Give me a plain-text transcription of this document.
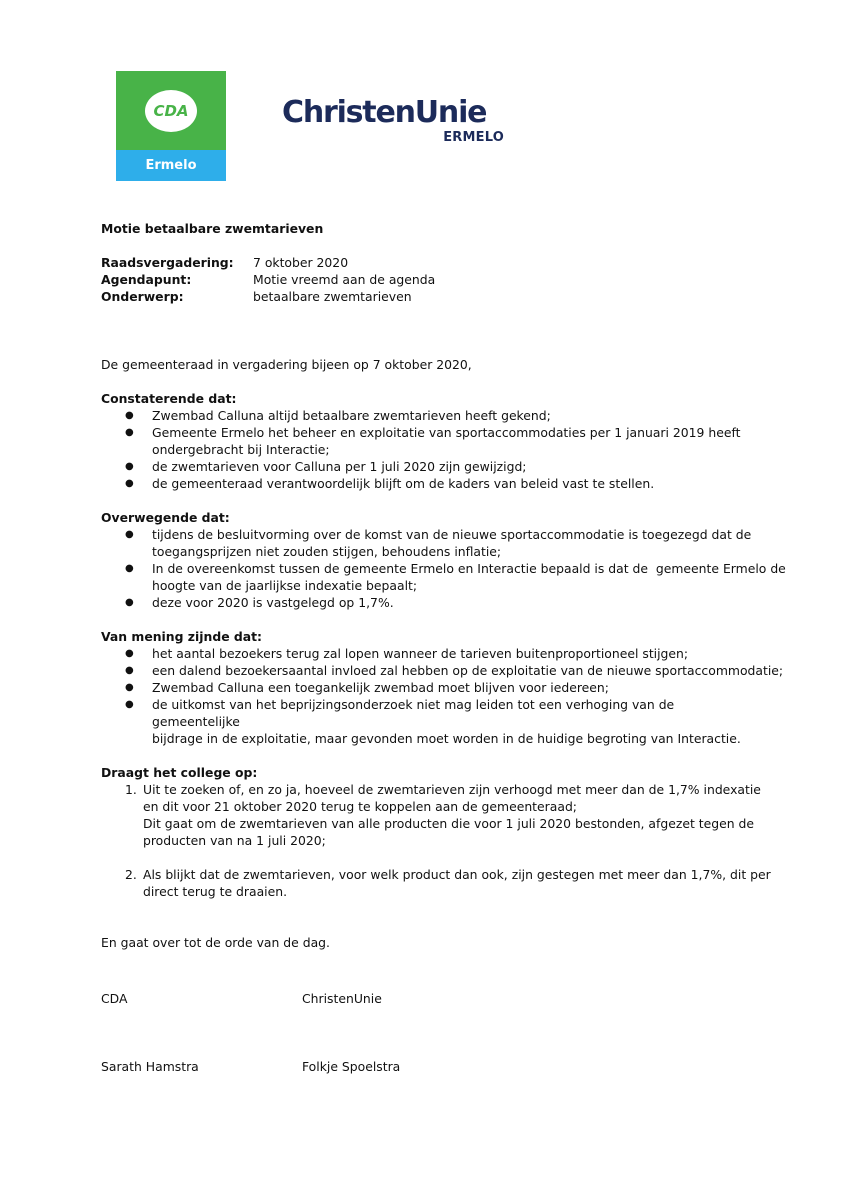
CDA
Ermelo
ChristenUnie
ERMELO
Motie betaalbare zwemtarieven
Raadsvergadering:	7 oktober 2020
Agendapunt:	Motie vreemd aan de agenda
Onderwerp:	betaalbare zwemtarieven
De gemeenteraad in vergadering bijeen op 7 oktober 2020,
Constaterende dat:
● Zwembad Calluna altijd betaalbare zwemtarieven heeft gekend;
● Gemeente Ermelo het beheer en exploitatie van sportaccommodaties per 1 januari 2019 heeft
ondergebracht bij Interactie;
● de zwemtarieven voor Calluna per 1 juli 2020 zijn gewijzigd;
● de gemeenteraad verantwoordelijk blijft om de kaders van beleid vast te stellen.
Overwegende dat:
● tijdens de besluitvorming over de komst van de nieuwe sportaccommodatie is toegezegd dat de
toegangsprijzen niet zouden stijgen, behoudens inflatie;
● In de overeenkomst tussen de gemeente Ermelo en Interactie bepaald is dat de  gemeente Ermelo de
hoogte van de jaarlijkse indexatie bepaalt;
● deze voor 2020 is vastgelegd op 1,7%.
Van mening zijnde dat:
● het aantal bezoekers terug zal lopen wanneer de tarieven buitenproportioneel stijgen;
● een dalend bezoekersaantal invloed zal hebben op de exploitatie van de nieuwe sportaccommodatie;
● Zwembad Calluna een toegankelijk zwembad moet blijven voor iedereen;
● de uitkomst van het beprijzingsonderzoek niet mag leiden tot een verhoging van de gemeentelijke
bijdrage in de exploitatie, maar gevonden moet worden in de huidige begroting van Interactie.
Draagt het college op:
1. Uit te zoeken of, en zo ja, hoeveel de zwemtarieven zijn verhoogd met meer dan de 1,7% indexatie
en dit voor 21 oktober 2020 terug te koppelen aan de gemeenteraad;
Dit gaat om de zwemtarieven van alle producten die voor 1 juli 2020 bestonden, afgezet tegen de
producten van na 1 juli 2020;
2. Als blijkt dat de zwemtarieven, voor welk product dan ook, zijn gestegen met meer dan 1,7%, dit per
direct terug te draaien.
En gaat over tot de orde van de dag.
CDA	ChristenUnie
Sarath Hamstra	Folkje Spoelstra
